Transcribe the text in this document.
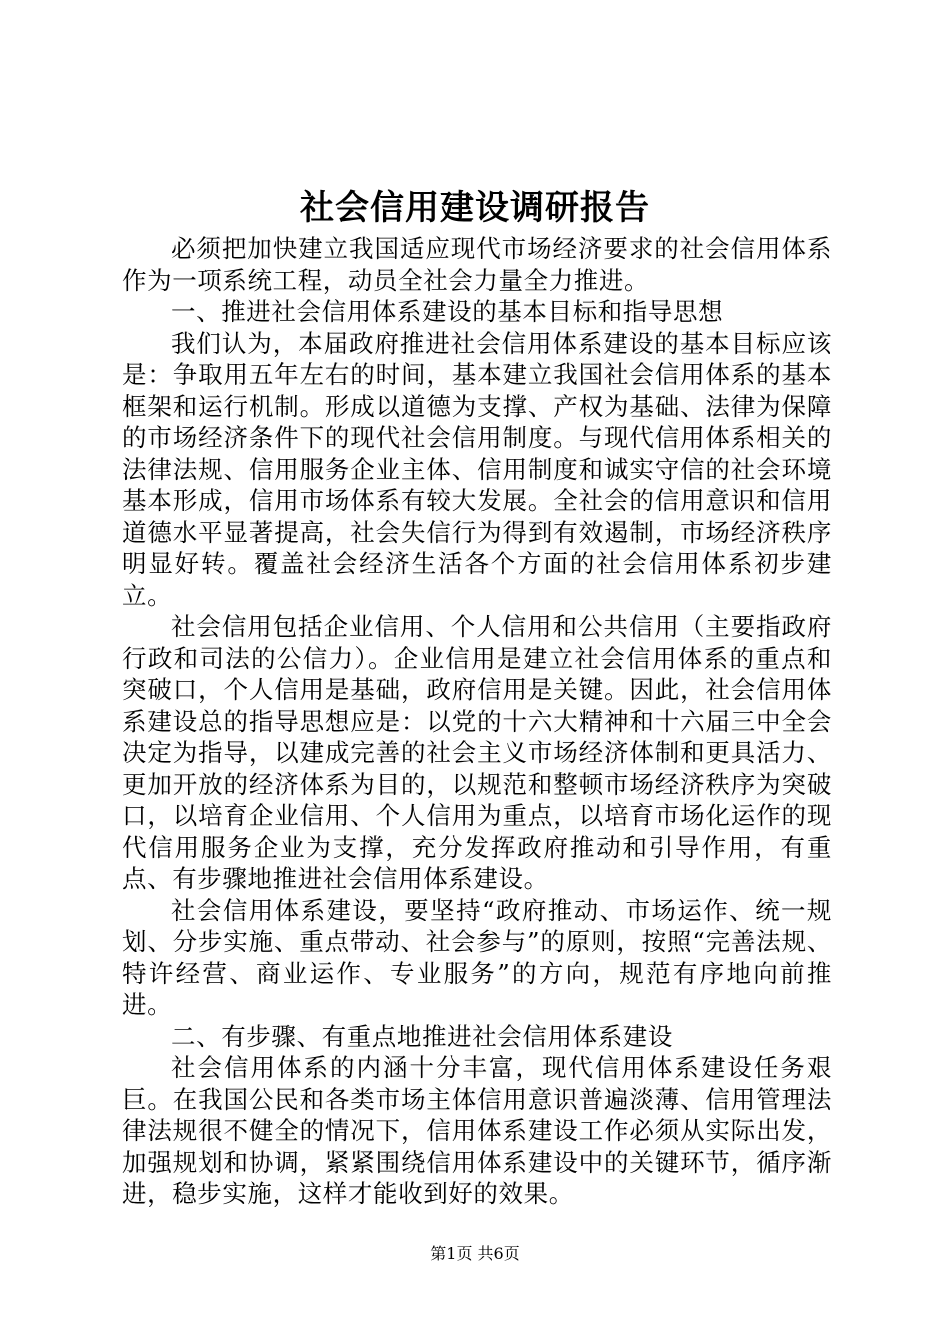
社会信用建设调研报告

必须把加快建立我国适应现代市场经济要求的社会信用体系作为一项系统工程，动员全社会力量全力推进。

一、推进社会信用体系建设的基本目标和指导思想

我们认为，本届政府推进社会信用体系建设的基本目标应该是：争取用五年左右的时间，基本建立我国社会信用体系的基本框架和运行机制。形成以道德为支撑、产权为基础、法律为保障的市场经济条件下的现代社会信用制度。与现代信用体系相关的法律法规、信用服务企业主体、信用制度和诚实守信的社会环境基本形成，信用市场体系有较大发展。全社会的信用意识和信用道德水平显著提高，社会失信行为得到有效遏制，市场经济秩序明显好转。覆盖社会经济生活各个方面的社会信用体系初步建立。

社会信用包括企业信用、个人信用和公共信用（主要指政府行政和司法的公信力）。企业信用是建立社会信用体系的重点和突破口，个人信用是基础，政府信用是关键。因此，社会信用体系建设总的指导思想应是：以党的十六大精神和十六届三中全会决定为指导，以建成完善的社会主义市场经济体制和更具活力、更加开放的经济体系为目的，以规范和整顿市场经济秩序为突破口，以培育企业信用、个人信用为重点，以培育市场化运作的现代信用服务企业为支撑，充分发挥政府推动和引导作用，有重点、有步骤地推进社会信用体系建设。

社会信用体系建设，要坚持“政府推动、市场运作、统一规划、分步实施、重点带动、社会参与”的原则，按照“完善法规、特许经营、商业运作、专业服务”的方向，规范有序地向前推进。

二、有步骤、有重点地推进社会信用体系建设

社会信用体系的内涵十分丰富，现代信用体系建设任务艰巨。在我国公民和各类市场主体信用意识普遍淡薄、信用管理法律法规很不健全的情况下，信用体系建设工作必须从实际出发，加强规划和协调，紧紧围绕信用体系建设中的关键环节，循序渐进，稳步实施，这样才能收到好的效果。

第1页 共6页
